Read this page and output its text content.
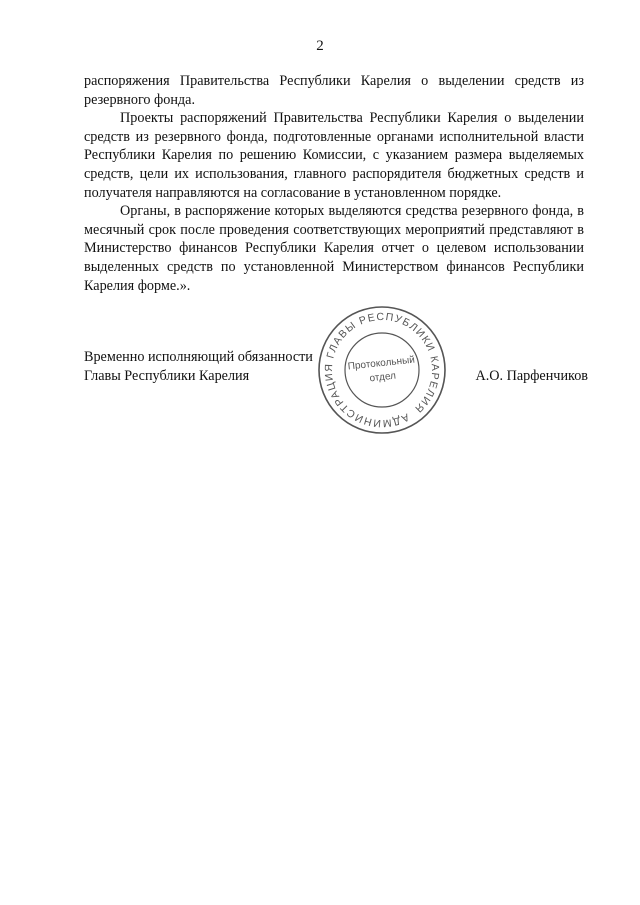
2

распоряжения Правительства Республики Карелия о выделении средств из резервного фонда.

Проекты распоряжений Правительства Республики Карелия о выделении средств из резервного фонда, подготовленные органами исполнительной власти Республики Карелия по решению Комиссии, с указанием размера выделяемых средств, цели их использования, главного распорядителя бюджетных средств и получателя направляются на согласование в установленном порядке.

Органы, в распоряжение которых выделяются средства резервного фонда, в месячный срок после проведения соответствующих мероприятий представляют в Министерство финансов Республики Карелия отчет о целевом использовании выделенных средств по установленной Министерством финансов Республики Карелия форме.».

Временно исполняющий обязанности
Главы Республики Карелия	А.О. Парфенчиков
АДМИНИСТРАЦИЯ ГЛАВЫ РЕСПУБЛИКИ КАРЕЛИЯ
Протокольный
отдел
